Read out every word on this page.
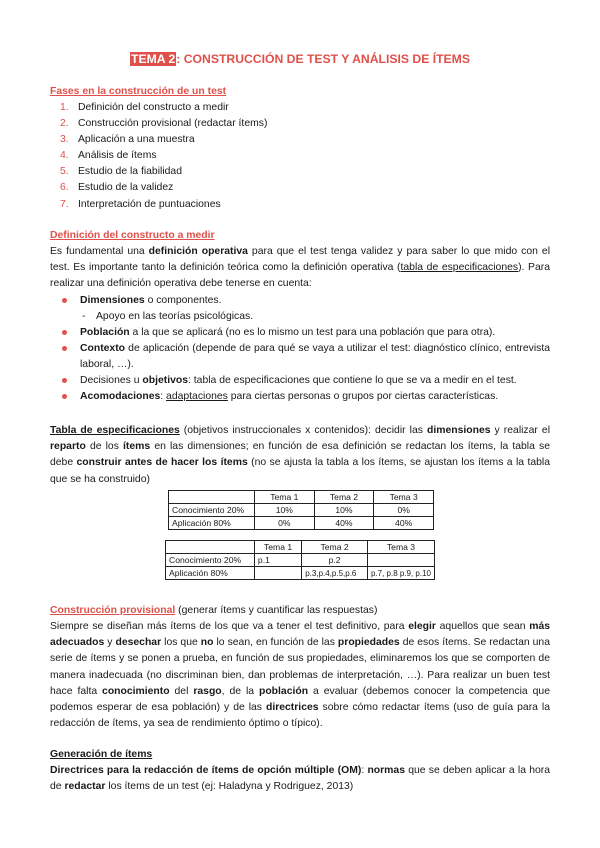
TEMA 2: CONSTRUCCIÓN DE TEST Y ANÁLISIS DE ÍTEMS
Fases en la construcción de un test
1. Definición del constructo a medir
2. Construcción provisional (redactar ítems)
3. Aplicación a una muestra
4. Análisis de ítems
5. Estudio de la fiabilidad
6. Estudio de la validez
7. Interpretación de puntuaciones
Definición del constructo a medir
Es fundamental una definición operativa para que el test tenga validez y para saber lo que mido con el test. Es importante tanto la definición teórica como la definición operativa (tabla de especificaciones). Para realizar una definición operativa debe tenerse en cuenta:
Dimensiones o componentes.
- Apoyo en las teorías psicológicas.
Población a la que se aplicará (no es lo mismo un test para una población que para otra).
Contexto de aplicación (depende de para qué se vaya a utilizar el test: diagnóstico clínico, entrevista laboral, …).
Decisiones u objetivos: tabla de especificaciones que contiene lo que se va a medir en el test.
Acomodaciones: adaptaciones para ciertas personas o grupos por ciertas características.
Tabla de especificaciones (objetivos instruccionales x contenidos): decidir las dimensiones y realizar el reparto de los ítems en las dimensiones; en función de esa definición se redactan los ítems, la tabla se debe construir antes de hacer los ítems (no se ajusta la tabla a los ítems, se ajustan los ítems a la tabla que se ha construido)
	Tema 1	Tema 2	Tema 3
Conocimiento 20%	10%	10%	0%
Aplicación 80%	0%	40%	40%
	Tema 1	Tema 2	Tema 3
Conocimiento 20%	p.1	p.2	
Aplicación 80%		p.3,p.4,p.5,p.6	p.7, p.8 p.9, p.10
Construcción provisional (generar ítems y cuantificar las respuestas)
Siempre se diseñan más ítems de los que va a tener el test definitivo, para elegir aquellos que sean más adecuados y desechar los que no lo sean, en función de las propiedades de esos ítems. Se redactan una serie de ítems y se ponen a prueba, en función de sus propiedades, eliminaremos los que se comporten de manera inadecuada (no discriminan bien, dan problemas de interpretación, …). Para realizar un buen test hace falta conocimiento del rasgo, de la población a evaluar (debemos conocer la competencia que podemos esperar de esa población) y de las directrices sobre cómo redactar ítems (uso de guía para la redacción de ítems, ya sea de rendimiento óptimo o típico).
Generación de ítems
Directrices para la redacción de ítems de opción múltiple (OM): normas que se deben aplicar a la hora de redactar los ítems de un test (ej: Haladyna y Rodriguez, 2013)
